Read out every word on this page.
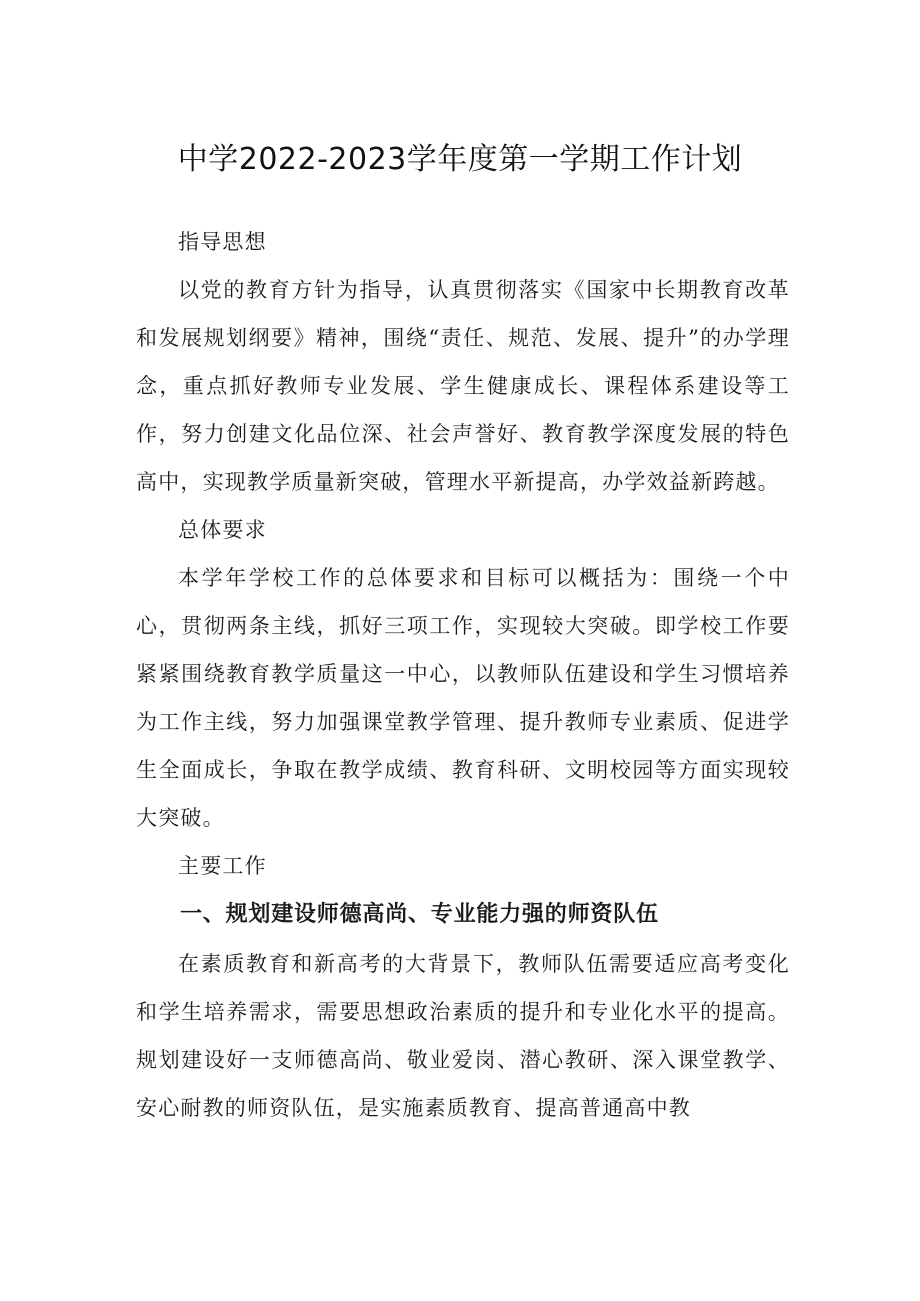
中学2022-2023学年度第一学期工作计划

指导思想

以党的教育方针为指导，认真贯彻落实《国家中长期教育改革和发展规划纲要》精神，围绕“责任、规范、发展、提升”的办学理念，重点抓好教师专业发展、学生健康成长、课程体系建设等工作，努力创建文化品位深、社会声誉好、教育教学深度发展的特色高中，实现教学质量新突破，管理水平新提高，办学效益新跨越。

总体要求

本学年学校工作的总体要求和目标可以概括为：围绕一个中心，贯彻两条主线，抓好三项工作，实现较大突破。即学校工作要紧紧围绕教育教学质量这一中心，以教师队伍建设和学生习惯培养为工作主线，努力加强课堂教学管理、提升教师专业素质、促进学生全面成长，争取在教学成绩、教育科研、文明校园等方面实现较大突破。

主要工作

一、规划建设师德高尚、专业能力强的师资队伍

在素质教育和新高考的大背景下，教师队伍需要适应高考变化和学生培养需求，需要思想政治素质的提升和专业化水平的提高。规划建设好一支师德高尚、敬业爱岗、潜心教研、深入课堂教学、安心耐教的师资队伍，是实施素质教育、提高普通高中教
